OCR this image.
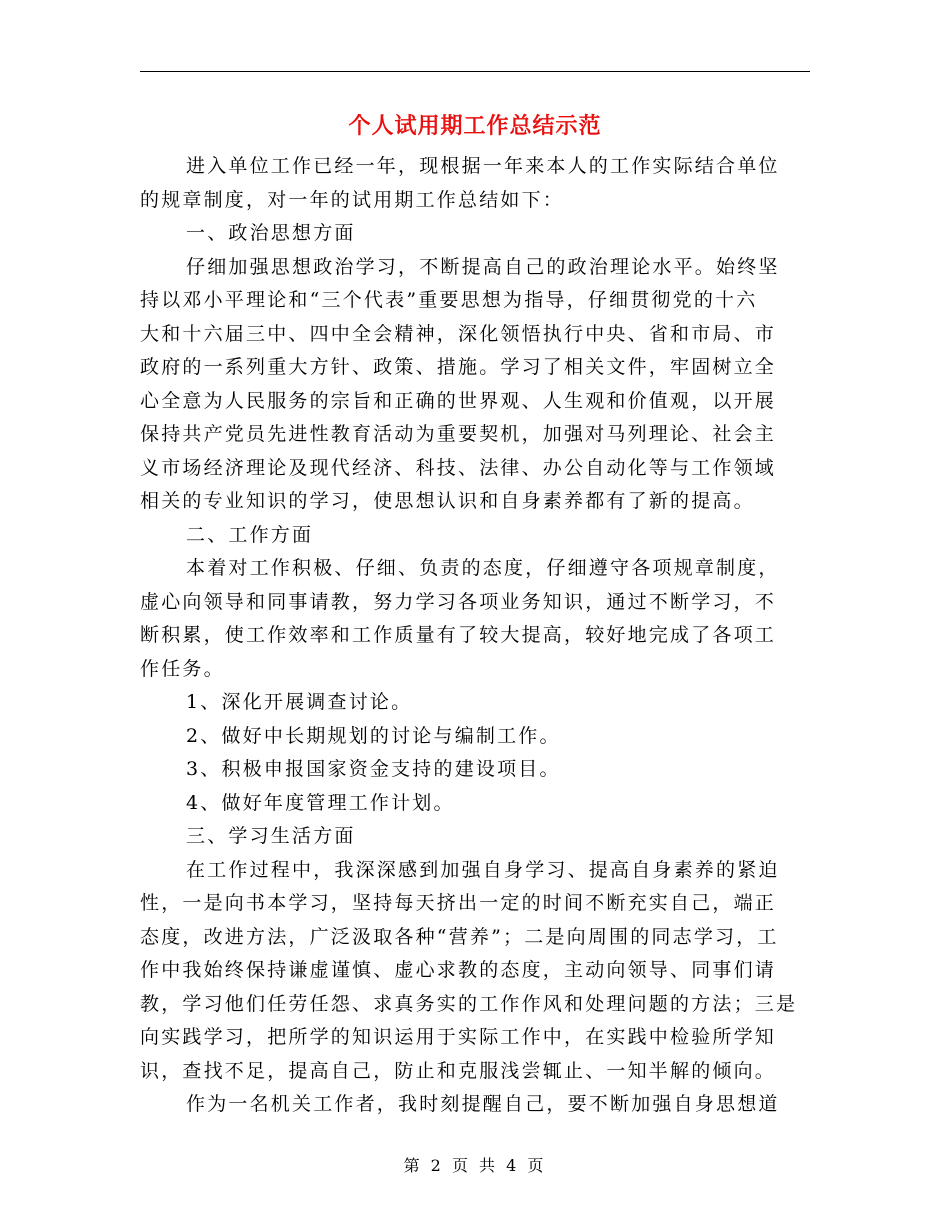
个人试用期工作总结示范

进入单位工作已经一年，现根据一年来本人的工作实际结合单位

的规章制度，对一年的试用期工作总结如下：

一、政治思想方面

仔细加强思想政治学习，不断提高自己的政治理论水平。始终坚

持以邓小平理论和“三个代表”重要思想为指导，仔细贯彻党的十六

大和十六届三中、四中全会精神，深化领悟执行中央、省和市局、市

政府的一系列重大方针、政策、措施。学习了相关文件，牢固树立全

心全意为人民服务的宗旨和正确的世界观、人生观和价值观，以开展

保持共产党员先进性教育活动为重要契机，加强对马列理论、社会主

义市场经济理论及现代经济、科技、法律、办公自动化等与工作领域

相关的专业知识的学习，使思想认识和自身素养都有了新的提高。

二、工作方面

本着对工作积极、仔细、负责的态度，仔细遵守各项规章制度，

虚心向领导和同事请教，努力学习各项业务知识，通过不断学习，不

断积累，使工作效率和工作质量有了较大提高，较好地完成了各项工

作任务。

1、深化开展调查讨论。

2、做好中长期规划的讨论与编制工作。

3、积极申报国家资金支持的建设项目。

4、做好年度管理工作计划。

三、学习生活方面

在工作过程中，我深深感到加强自身学习、提高自身素养的紧迫

性，一是向书本学习，坚持每天挤出一定的时间不断充实自己，端正

态度，改进方法，广泛汲取各种“营养”；二是向周围的同志学习，工

作中我始终保持谦虚谨慎、虚心求教的态度，主动向领导、同事们请

教，学习他们任劳任怨、求真务实的工作作风和处理问题的方法；三是

向实践学习，把所学的知识运用于实际工作中，在实践中检验所学知

识，查找不足，提高自己，防止和克服浅尝辄止、一知半解的倾向。

作为一名机关工作者，我时刻提醒自己，要不断加强自身思想道

第 2 页 共 4 页
